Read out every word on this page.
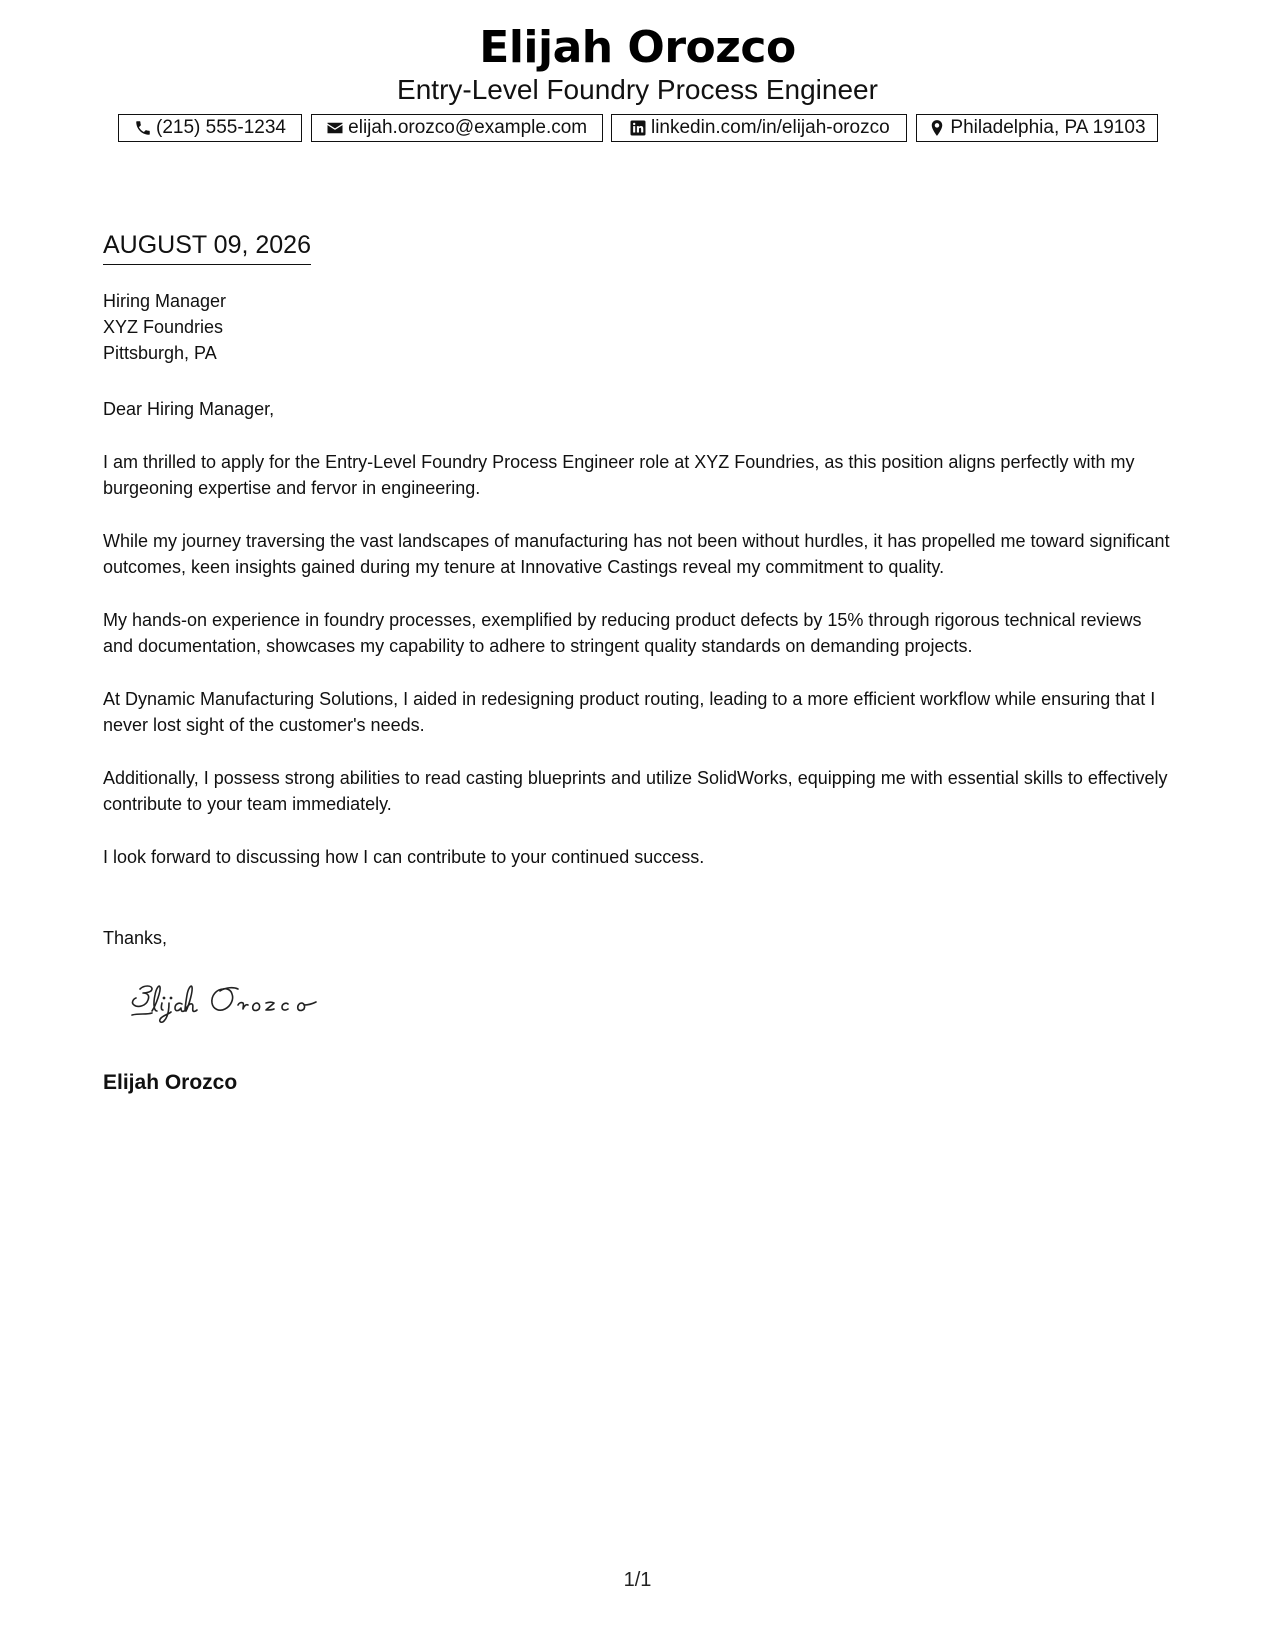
Elijah Orozco
Entry-Level Foundry Process Engineer
(215) 555-1234	elijah.orozco@example.com	linkedin.com/in/elijah-orozco	Philadelphia, PA 19103
AUGUST 09, 2026
Hiring Manager
XYZ Foundries
Pittsburgh, PA

Dear Hiring Manager,

I am thrilled to apply for the Entry-Level Foundry Process Engineer role at XYZ Foundries, as this position aligns perfectly with my burgeoning expertise and fervor in engineering.

While my journey traversing the vast landscapes of manufacturing has not been without hurdles, it has propelled me toward significant outcomes, keen insights gained during my tenure at Innovative Castings reveal my commitment to quality.

My hands-on experience in foundry processes, exemplified by reducing product defects by 15% through rigorous technical reviews and documentation, showcases my capability to adhere to stringent quality standards on demanding projects.

At Dynamic Manufacturing Solutions, I aided in redesigning product routing, leading to a more efficient workflow while ensuring that I never lost sight of the customer's needs.

Additionally, I possess strong abilities to read casting blueprints and utilize SolidWorks, equipping me with essential skills to effectively contribute to your team immediately.

I look forward to discussing how I can contribute to your continued success.

Thanks,
Elijah Orozco
1/1
